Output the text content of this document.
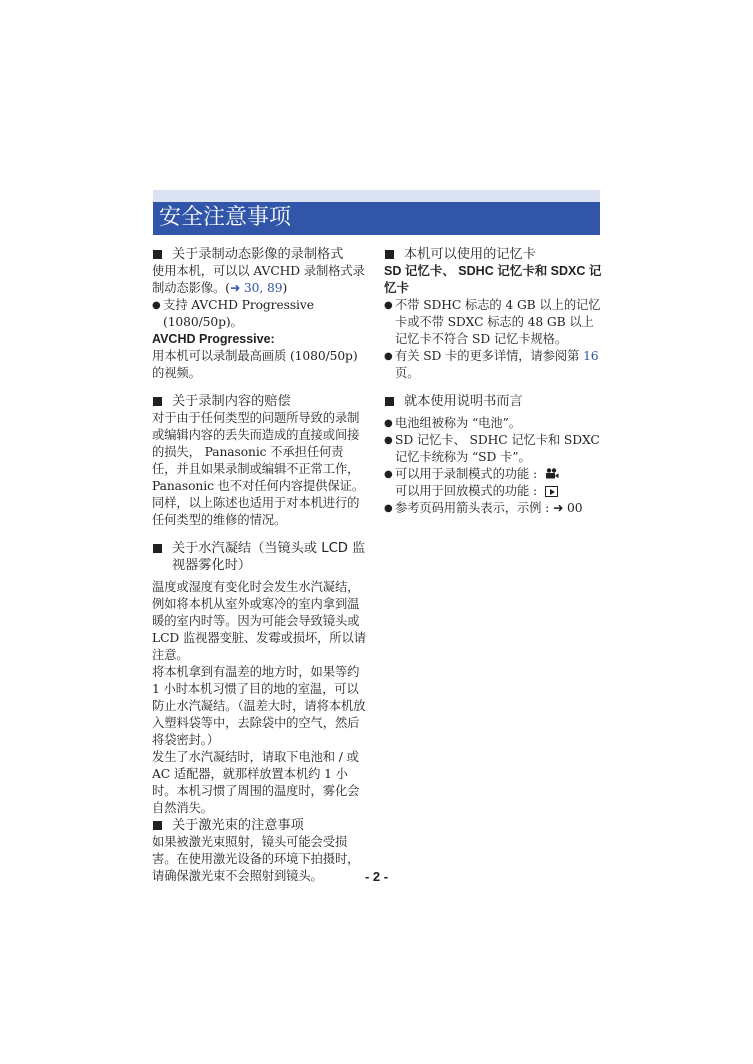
安全注意事项
关于录制动态影像的录制格式

使用本机，可以以 AVCHD 录制格式录制动态影像。(➜ 30, 89)

● 支持 AVCHD Progressive (1080/50p)。

AVCHD Progressive:

用本机可以录制最高画质 (1080/50p) 的视频。

关于录制内容的赔偿

对于由于任何类型的问题所导致的录制或编辑内容的丢失而造成的直接或间接的损失， Panasonic 不承担任何责任，并且如果录制或编辑不正常工作， Panasonic 也不对任何内容提供保证。同样，以上陈述也适用于对本机进行的任何类型的维修的情况。

关于水汽凝结（当镜头或 LCD 监视器雾化时）

温度或湿度有变化时会发生水汽凝结，例如将本机从室外或寒冷的室内拿到温暖的室内时等。因为可能会导致镜头或 LCD 监视器变脏、发霉或损坏，所以请注意。

将本机拿到有温差的地方时，如果等约 1 小时本机习惯了目的地的室温，可以防止水汽凝结。（温差大时，请将本机放入塑料袋等中，去除袋中的空气，然后将袋密封。）

发生了水汽凝结时，请取下电池和 / 或 AC 适配器，就那样放置本机约 1 小时。本机习惯了周围的温度时，雾化会自然消失。

关于激光束的注意事项

如果被激光束照射，镜头可能会受损害。在使用激光设备的环境下拍摄时，请确保激光束不会照射到镜头。

本机可以使用的记忆卡

SD 记忆卡、 SDHC 记忆卡和 SDXC 记忆卡

● 不带 SDHC 标志的 4 GB 以上的记忆卡或不带 SDXC 标志的 48 GB 以上记忆卡不符合 SD 记忆卡规格。
● 有关 SD 卡的更多详情，请参阅第 16 页。
就本使用说明书而言
● 电池组被称为 “电池”。
● SD 记忆卡、 SDHC 记忆卡和 SDXC 记忆卡统称为 “SD 卡”。
● 可以用于录制模式的功能 :
可以用于回放模式的功能 :
● 参考页码用箭头表示，示例 : ➜ 00
- 2 -
